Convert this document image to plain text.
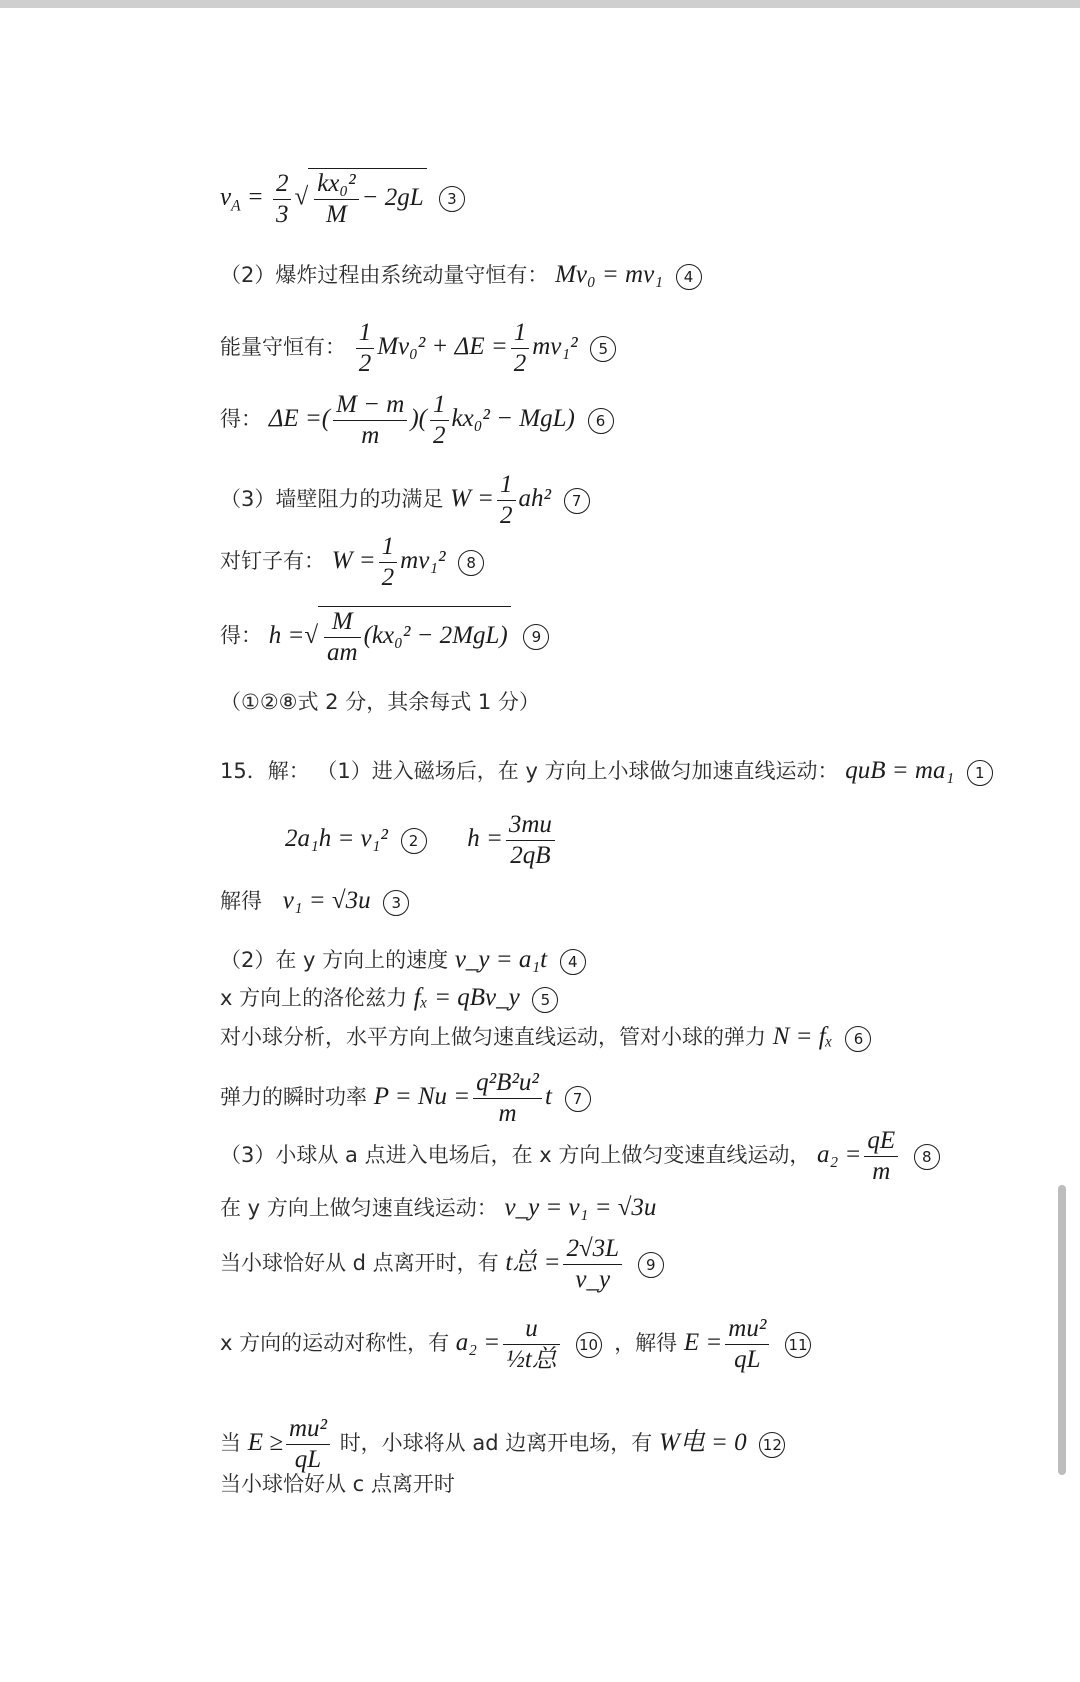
$v_A = \frac{2}{3}$ √ $\frac{\text{kx₀²}}{M} - 2gL$ 3
（2）爆炸过程由系统动量守恒有： Mv₀ = mv₁ 4
能量守恒有： $\frac{1}{2} Mv_0^2 + \Delta E = \frac{1}{2} mv_1^2$ 5
得： ΔE =( $\frac{M - m}{m}$ )( $\frac{1}{2} kx_0^2 - MgL$) 6
（3）墙壁阻力的功满足 $W = \frac{1}{2} ah^2$ 7
对钉子有： $W = \frac{1}{2} mv_1^2$ 8
得： h =√ $\frac{M}{am} (kx_0^2 - 2MgL)$ 9
（①②⑧式 2 分，其余每式 1 分）
15．解： （1）进入磁场后，在 y 方向上小球做匀加速直线运动： quB = ma₁ 1
2a₁h = v₁² 2 $h = \frac{3mu}{2qB}$
解得 v₁ = √3u 3
（2）在 y 方向上的速度 v_y = a₁t 4
x 方向上的洛伦兹力 fₓ = qBv_y 5
对小球分析，水平方向上做匀速直线运动，管对小球的弹力 N = fₓ 6
弹力的瞬时功率 $P = Nu = \frac{\text{q²B²u²}}{m}$ t 7
（3）小球从 a 点进入电场后，在 x 方向上做匀变速直线运动， $a_2 = \frac{qE}{m} 8$
在 y 方向上做匀速直线运动： v_y = v₁ = √3u
当小球恰好从 d 点离开时，有 t总 = $\frac{2√3L}{v\_y} 9$
x 方向的运动对称性，有 $a_2 = \frac{u}{\text{½t总}} 10$ ，解得 $E = \frac{\text{mu²}}{qL} 11$
当 $E \ge \frac{\text{mu²}}{qL}$ 时，小球将从 ad 边离开电场，有 W电 = 0 12
当小球恰好从 c 点离开时
